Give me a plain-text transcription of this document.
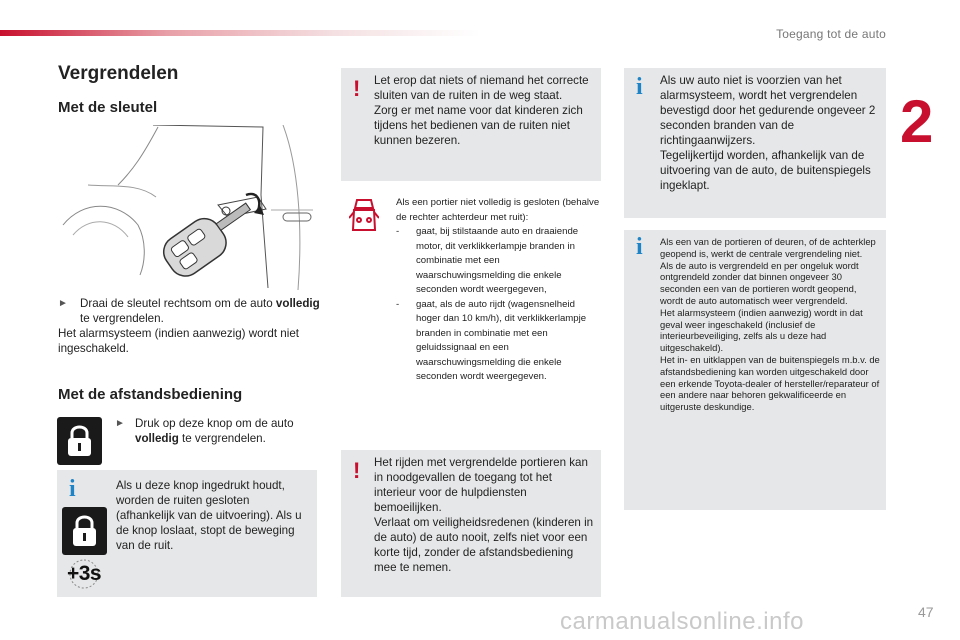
Toegang tot de auto
2
Vergrendelen
Met de sleutel
► Draai de sleutel rechtsom om de auto volledig te vergrendelen.
Het alarmsysteem (indien aanwezig) wordt niet ingeschakeld.
Met de afstandsbediening
► Druk op deze knop om de auto volledig te vergrendelen.
i
+3s
Als u deze knop ingedrukt houdt, worden de ruiten gesloten (afhankelijk van de uitvoering). Als u de knop loslaat, stopt de beweging van de ruit.
! Let erop dat niets of niemand het correcte sluiten van de ruiten in de weg staat.
Zorg er met name voor dat kinderen zich tijdens het bedienen van de ruiten niet kunnen bezeren.
Als een portier niet volledig is gesloten (behalve de rechter achterdeur met ruit):
- gaat, bij stilstaande auto en draaiende motor, dit verklikkerlampje branden in combinatie met een waarschuwingsmelding die enkele seconden wordt weergegeven,
- gaat, als de auto rijdt (wagensnelheid hoger dan 10 km/h), dit verklikkerlampje branden in combinatie met een geluidssignaal en een waarschuwingsmelding die enkele seconden wordt weergegeven.
! Het rijden met vergrendelde portieren kan in noodgevallen de toegang tot het interieur voor de hulpdiensten bemoeilijken.
Verlaat om veiligheidsredenen (kinderen in de auto) de auto nooit, zelfs niet voor een korte tijd, zonder de afstandsbediening mee te nemen.
i Als uw auto niet is voorzien van het alarmsysteem, wordt het vergrendelen bevestigd door het gedurende ongeveer 2 seconden branden van de richtingaanwijzers.
Tegelijkertijd worden, afhankelijk van de uitvoering van de auto, de buitenspiegels ingeklapt.
i Als een van de portieren of deuren, of de achterklep geopend is, werkt de centrale vergrendeling niet.
Als de auto is vergrendeld en per ongeluk wordt ontgrendeld zonder dat binnen ongeveer 30 seconden een van de portieren wordt geopend, wordt de auto automatisch weer vergrendeld.
Het alarmsysteem (indien aanwezig) wordt in dat geval weer ingeschakeld (inclusief de interieurbeveiliging, zelfs als u deze had uitgeschakeld).
Het in- en uitklappen van de buitenspiegels m.b.v. de afstandsbediening kan worden uitgeschakeld door een erkende Toyota-dealer of hersteller/reparateur of een andere naar behoren gekwalificeerde en uitgeruste deskundige.
carmanualsonline.info	47
